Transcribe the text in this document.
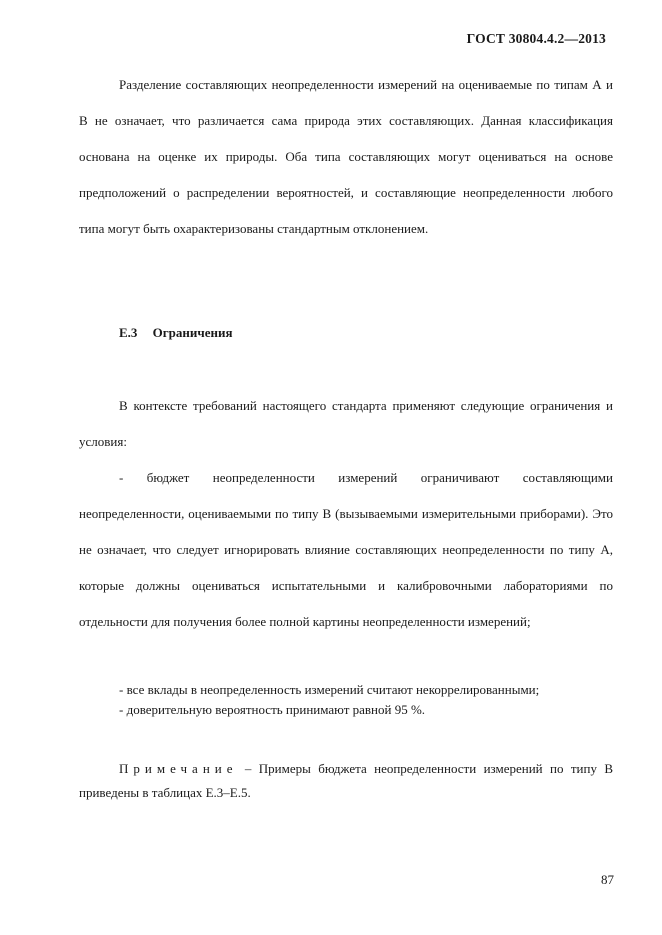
ГОСТ 30804.4.2—2013

Разделение составляющих неопределенности измерений на оцениваемые по типам А и В не означает, что различается сама природа этих составляющих. Данная классификация основана на оценке их природы. Оба типа составляющих могут оцениваться на основе предположений о распределении вероятностей, и составляющие неопределенности любого типа могут быть охарактеризованы стандартным отклонением.

Е.3 Ограничения

В контексте требований настоящего стандарта применяют следующие ограничения и условия:

- бюджет неопределенности измерений ограничивают составляющими неопределенности, оцениваемыми по типу В (вызываемыми измерительными приборами). Это не означает, что следует игнорировать влияние составляющих неопределенности по типу А, которые должны оцениваться испытательными и калибровочными лабораториями по отдельности для получения более полной картины неопределенности измерений;

- все вклады в неопределенность измерений считают некоррелированными;
- доверительную вероятность принимают равной 95 %.

Примечание – Примеры бюджета неопределенности измерений по типу В приведены в таблицах Е.3–Е.5.

87
